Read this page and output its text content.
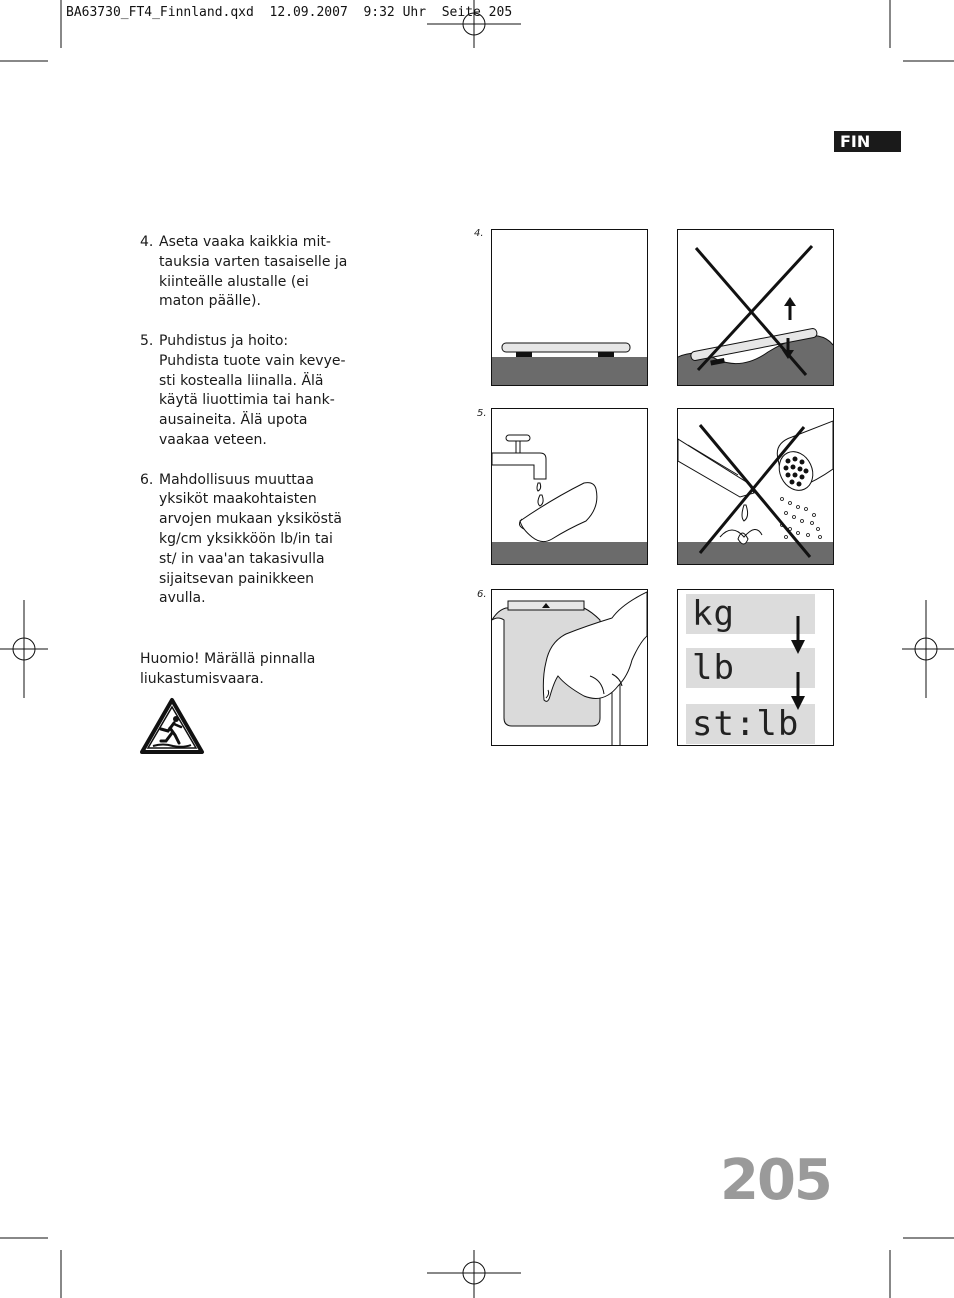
BA63730_FT4_Finnland.qxd 12.09.2007 9:32 Uhr Seite 205
FIN
4. Aseta vaaka kaikkia mit-
tauksia varten tasaiselle ja
kiinteälle alustalle (ei
maton päälle).
5. Puhdistus ja hoito:
Puhdista tuote vain kevye-
sti kostealla liinalla. Älä
käytä liuottimia tai hank-
ausaineita. Älä upota
vaakaa veteen.
6. Mahdollisuus muuttaa
yksiköt maakohtaisten
arvojen mukaan yksiköstä
kg/cm yksikköön lb/in tai
st/ in vaa'an takasivulla
sijaitsevan painikkeen
avulla.
Huomio! Märällä pinnalla
liukastumisvaara.
4.
5.
6.	kg
lb
st:lb
205
